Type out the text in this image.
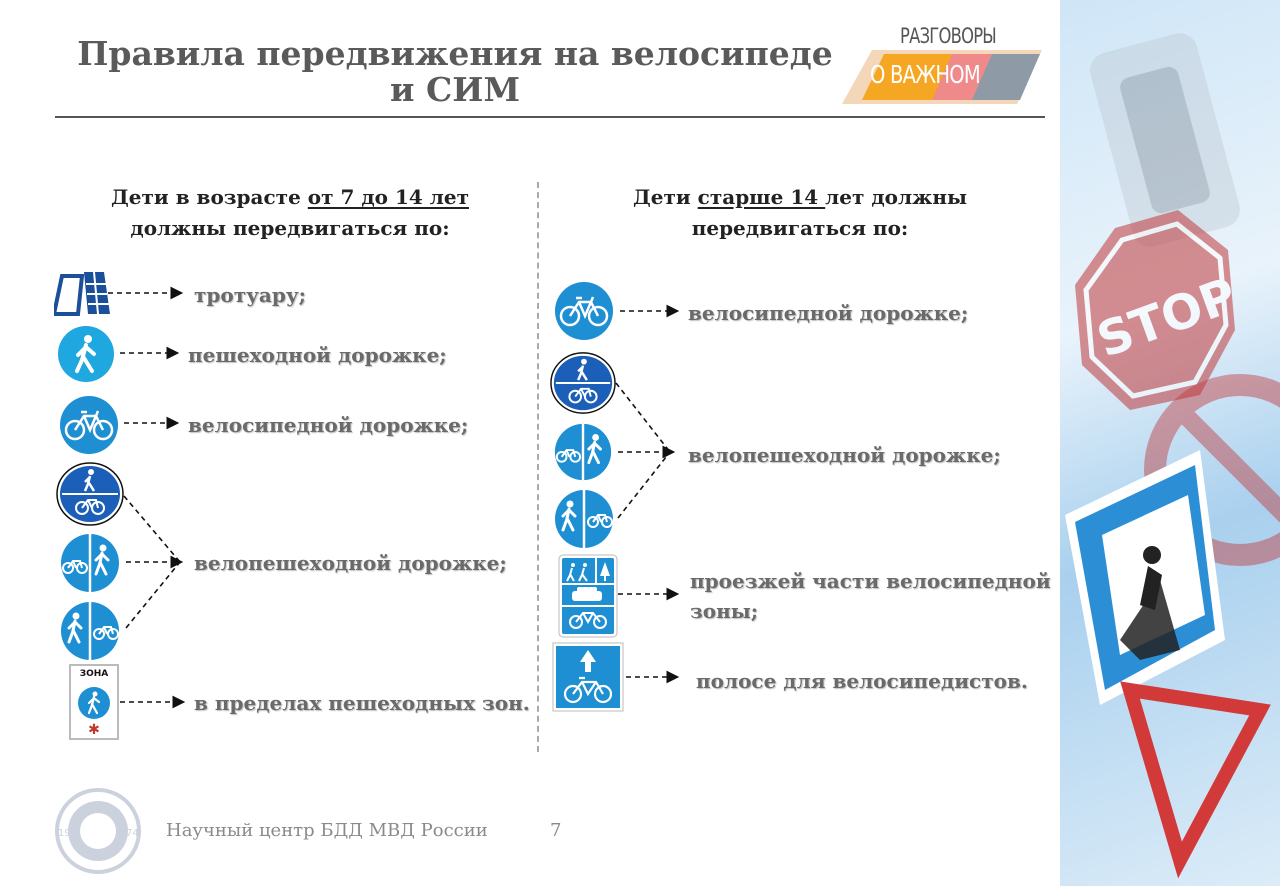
STOP
Правила передвижения на велосипеде
и СИМ
РАЗГОВОРЫ
О ВАЖНОМ
Дети в возрасте от 7 до 14 лет
должны передвигаться по:
Дети старше 14 лет должны
передвигаться по:
ЗОНА
✱
тротуару;
пешеходной дорожке;
велосипедной дорожке;
велопешеходной дорожке;
в пределах пешеходных зон.
велосипедной дорожке;
велопешеходной дорожке;
проезжей части велосипедной
зоны;
полосе для велосипедистов.
19	74 Научный центр БДД МВД России	7
